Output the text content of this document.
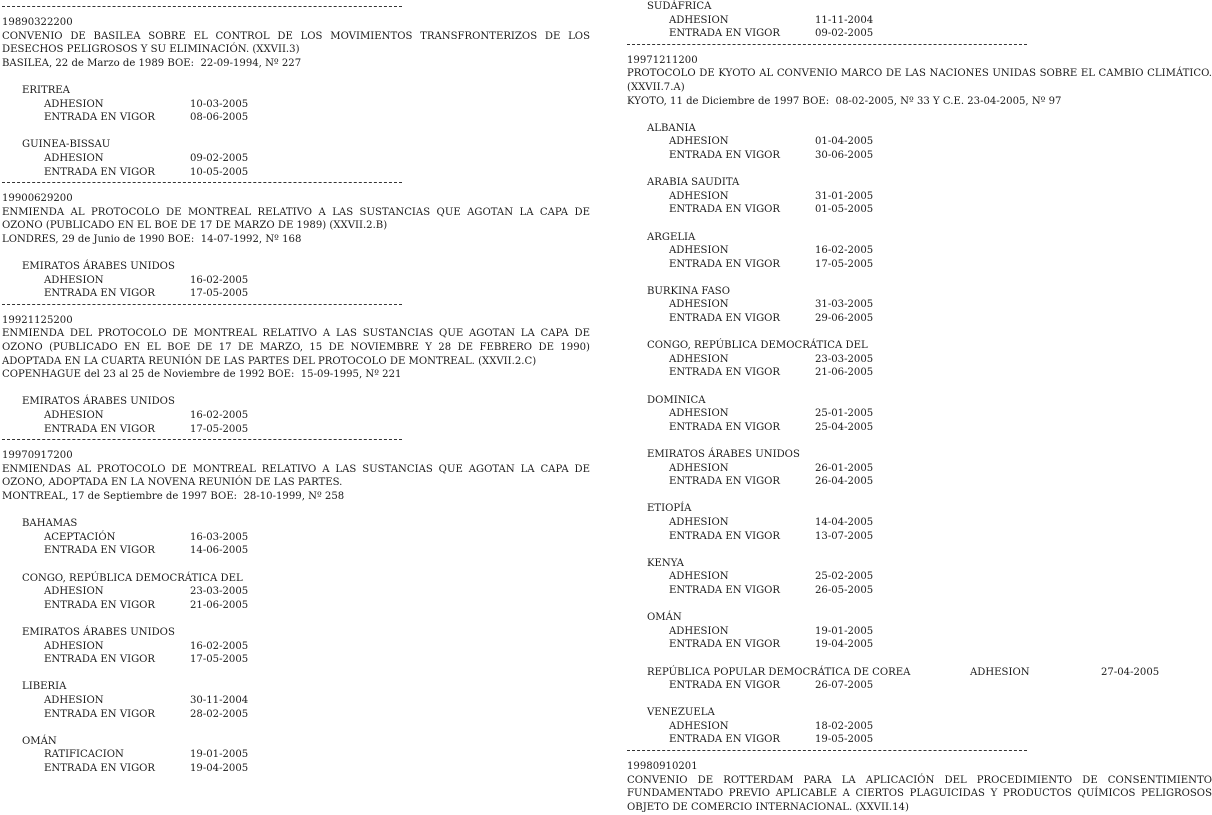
19890322200
CONVENIO DE BASILEA SOBRE EL CONTROL DE LOS MOVIMIENTOS TRANSFRONTERIZOS DE LOS DESECHOS PELIGROSOS Y SU ELIMINACIÓN. (XXVII.3)
BASILEA, 22 de Marzo de 1989 BOE:  22-09-1994, Nº 227
ERITREA
ADHESION	10-03-2005
ENTRADA EN VIGOR	08-06-2005
GUINEA-BISSAU
ADHESION	09-02-2005
ENTRADA EN VIGOR	10-05-2005
19900629200
ENMIENDA AL PROTOCOLO DE MONTREAL RELATIVO A LAS SUSTANCIAS QUE AGOTAN LA CAPA DE OZONO (PUBLICADO EN EL BOE DE 17 DE MARZO DE 1989) (XXVII.2.B)
LONDRES, 29 de Junio de 1990 BOE:  14-07-1992, Nº 168
EMIRATOS ÁRABES UNIDOS
ADHESION	16-02-2005
ENTRADA EN VIGOR	17-05-2005
19921125200
ENMIENDA DEL PROTOCOLO DE MONTREAL RELATIVO A LAS SUSTANCIAS QUE AGOTAN LA CAPA DE OZONO (PUBLICADO EN EL BOE DE 17 DE MARZO, 15 DE NOVIEMBRE Y 28 DE FEBRERO DE 1990) ADOPTADA EN LA CUARTA REUNIÓN DE LAS PARTES DEL PROTOCOLO DE MONTREAL. (XXVII.2.C)
COPENHAGUE del 23 al 25 de Noviembre de 1992 BOE:  15-09-1995, Nº 221
EMIRATOS ÁRABES UNIDOS
ADHESION	16-02-2005
ENTRADA EN VIGOR	17-05-2005
19970917200
ENMIENDAS AL PROTOCOLO DE MONTREAL RELATIVO A LAS SUSTANCIAS QUE AGOTAN LA CAPA DE OZONO, ADOPTADA EN LA NOVENA REUNIÓN DE LAS PARTES.
MONTREAL, 17 de Septiembre de 1997 BOE:  28-10-1999, Nº 258
BAHAMAS
ACEPTACIÓN	16-03-2005
ENTRADA EN VIGOR	14-06-2005
CONGO, REPÚBLICA DEMOCRÁTICA DEL
ADHESION	23-03-2005
ENTRADA EN VIGOR	21-06-2005
EMIRATOS ÁRABES UNIDOS
ADHESION	16-02-2005
ENTRADA EN VIGOR	17-05-2005
LIBERIA
ADHESION	30-11-2004
ENTRADA EN VIGOR	28-02-2005
OMÁN
RATIFICACION	19-01-2005
ENTRADA EN VIGOR	19-04-2005
SUDÁFRICA
ADHESION	11-11-2004
ENTRADA EN VIGOR	09-02-2005
19971211200
PROTOCOLO DE KYOTO AL CONVENIO MARCO DE LAS NACIONES UNIDAS SOBRE EL CAMBIO CLIMÁTICO. (XXVII.7.A)
KYOTO, 11 de Diciembre de 1997 BOE:  08-02-2005, Nº 33 Y C.E. 23-04-2005, Nº 97
ALBANIA
ADHESION	01-04-2005
ENTRADA EN VIGOR	30-06-2005
ARABIA SAUDITA
ADHESION	31-01-2005
ENTRADA EN VIGOR	01-05-2005
ARGELIA
ADHESION	16-02-2005
ENTRADA EN VIGOR	17-05-2005
BURKINA FASO
ADHESION	31-03-2005
ENTRADA EN VIGOR	29-06-2005
CONGO, REPÚBLICA DEMOCRÁTICA DEL
ADHESION	23-03-2005
ENTRADA EN VIGOR	21-06-2005
DOMINICA
ADHESION	25-01-2005
ENTRADA EN VIGOR	25-04-2005
EMIRATOS ÁRABES UNIDOS
ADHESION	26-01-2005
ENTRADA EN VIGOR	26-04-2005
ETIOPÍA
ADHESION	14-04-2005
ENTRADA EN VIGOR	13-07-2005
KENYA
ADHESION	25-02-2005
ENTRADA EN VIGOR	26-05-2005
OMÁN
ADHESION	19-01-2005
ENTRADA EN VIGOR	19-04-2005
REPÚBLICA POPULAR DEMOCRÁTICA DE COREA	ADHESION	27-04-2005
ENTRADA EN VIGOR	26-07-2005
VENEZUELA
ADHESION	18-02-2005
ENTRADA EN VIGOR	19-05-2005
19980910201
CONVENIO DE ROTTERDAM PARA LA APLICACIÓN DEL PROCEDIMIENTO DE CONSENTIMIENTO FUNDAMENTADO PREVIO APLICABLE A CIERTOS PLAGUICIDAS Y PRODUCTOS QUÍMICOS PELIGROSOS OBJETO DE COMERCIO INTERNACIONAL. (XXVII.14)
